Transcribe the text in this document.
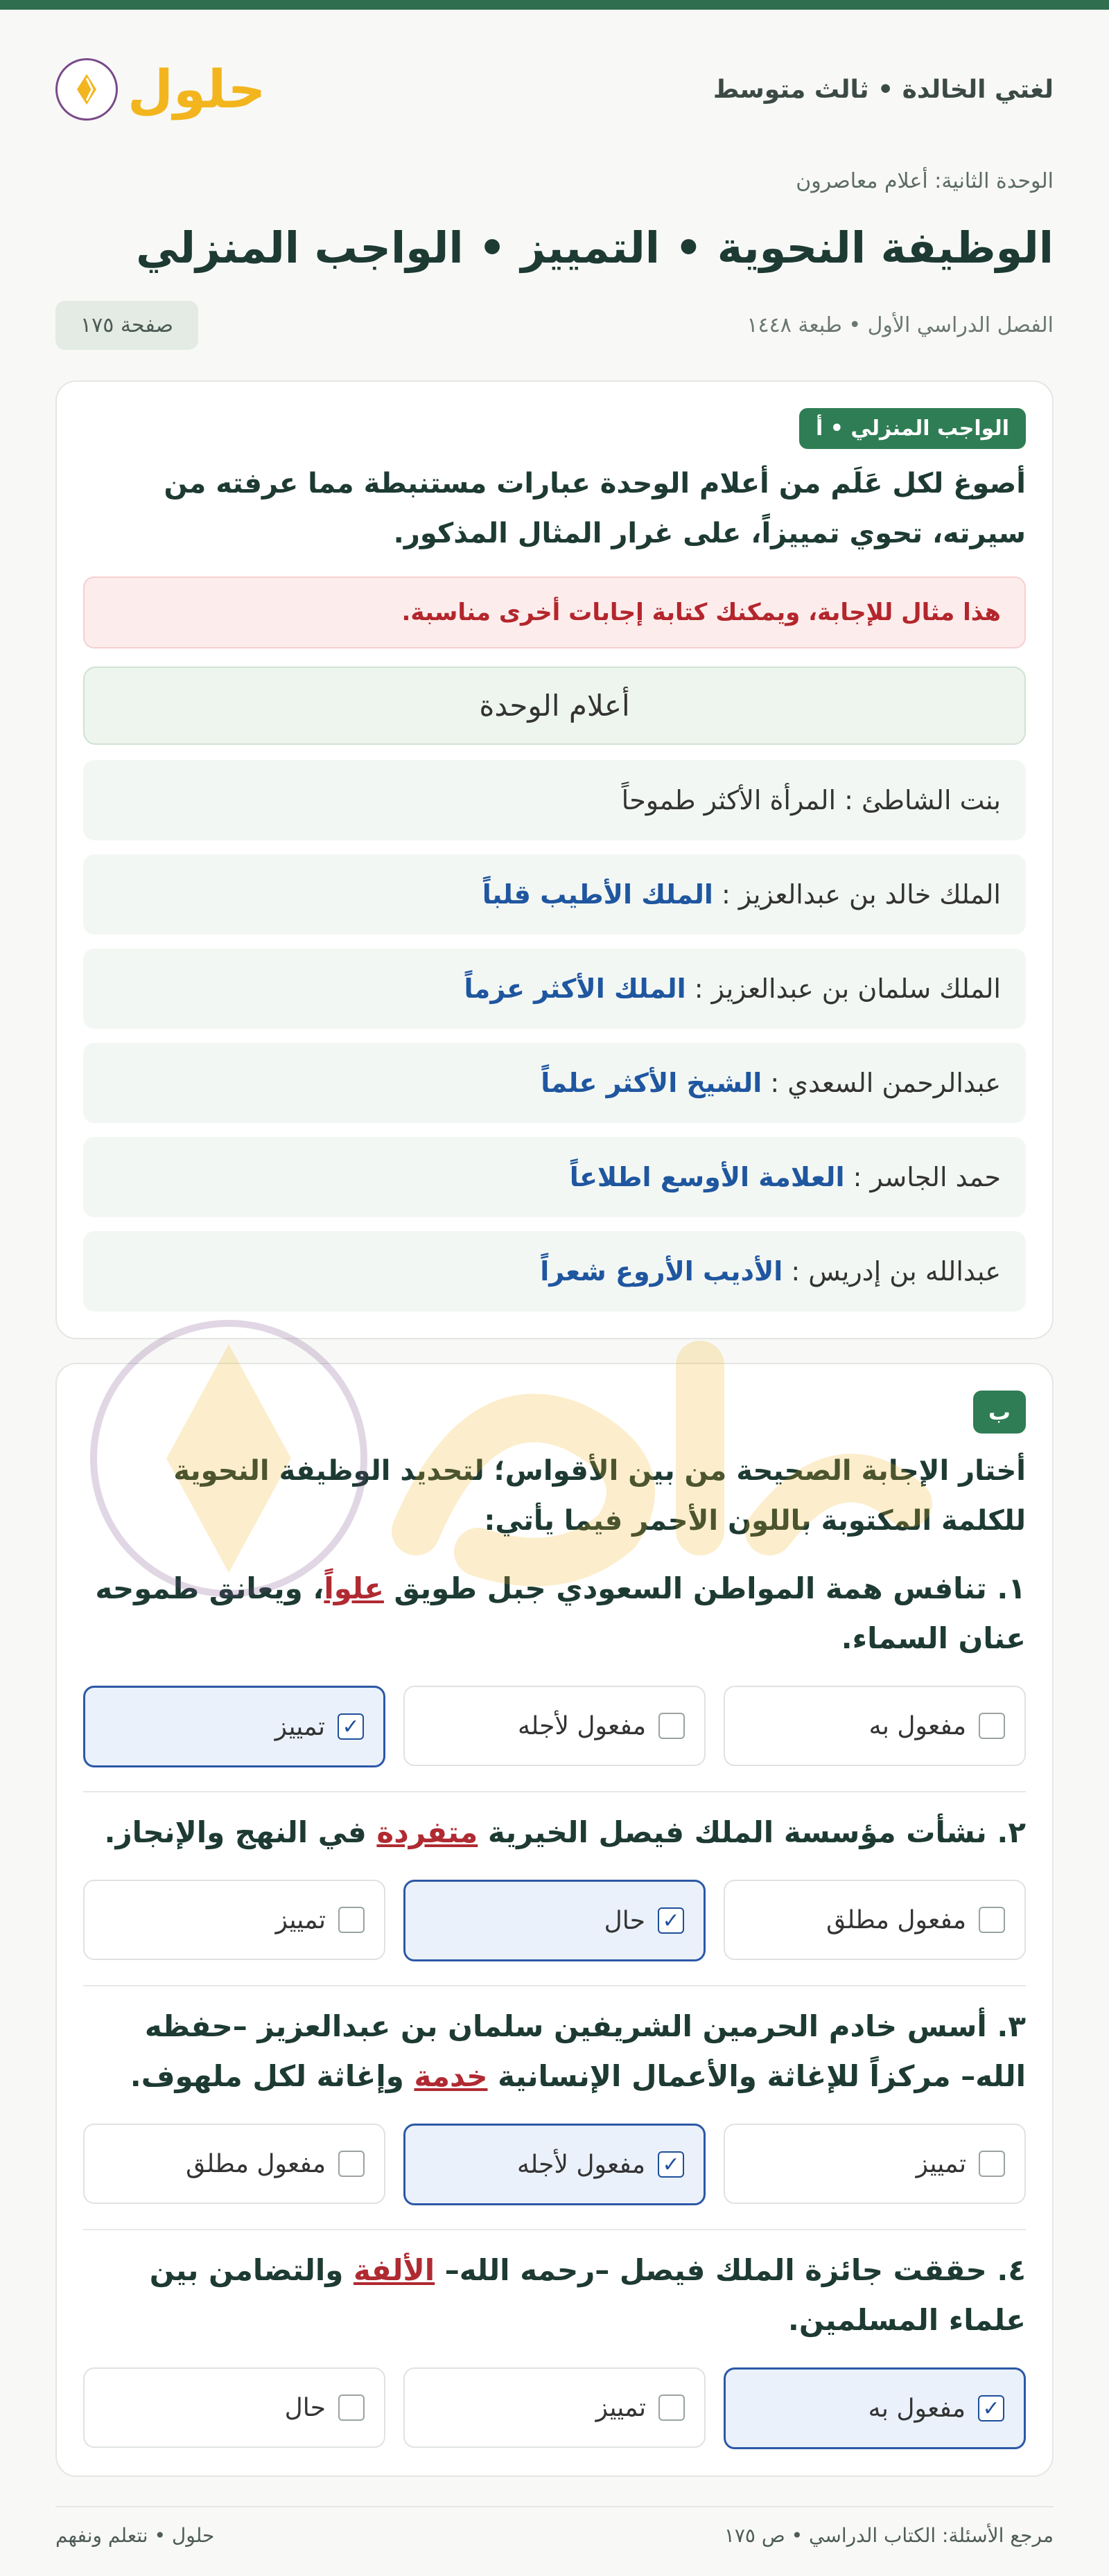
لغتي الخالدة • ثالث متوسط
حلول
الوحدة الثانية: أعلام معاصرون
الوظيفة النحوية • التمييز • الواجب المنزلي
الفصل الدراسي الأول • طبعة ١٤٤٨
صفحة ١٧٥
الواجب المنزلي • أ
أصوغ لكل عَلَم من أعلام الوحدة عبارات مستنبطة مما عرفته من سيرته، تحوي تمييزاً، على غرار المثال المذكور.
هذا مثال للإجابة، ويمكنك كتابة إجابات أخرى مناسبة.
أعلام الوحدة
بنت الشاطئ :

المرأة الأكثر طموحاً
الملك خالد بن عبدالعزيز :

الملك الأطيب قلباً
الملك سلمان بن عبدالعزيز :

الملك الأكثر عزماً
عبدالرحمن السعدي :

الشيخ الأكثر علماً
حمد الجاسر :

العلامة الأوسع اطلاعاً
عبدالله بن إدريس :

الأديب الأروع شعراً
ب
أختار الإجابة الصحيحة من بين الأقواس؛ لتحديد الوظيفة النحوية للكلمة المكتوبة باللون الأحمر فيما يأتي:
١. تنافس همة المواطن السعودي جبل طويق علواً، ويعانق طموحه عنان السماء.
مفعول به
مفعول لأجله
✓
تمييز
٢. نشأت مؤسسة الملك فيصل الخيرية متفردة في النهج والإنجاز.
مفعول مطلق
✓
حال
تمييز
٣. أسس خادم الحرمين الشريفين سلمان بن عبدالعزيز –حفظه الله– مركزاً للإغاثة والأعمال الإنسانية خدمة وإغاثة لكل ملهوف.
تمييز
✓
مفعول لأجله
مفعول مطلق
٤. حققت جائزة الملك فيصل –رحمه الله– الألفة والتضامن بين علماء المسلمين.
✓
مفعول به
تمييز
حال
مرجع الأسئلة: الكتاب الدراسي • ص ١٧٥
حلول • نتعلم ونفهم
